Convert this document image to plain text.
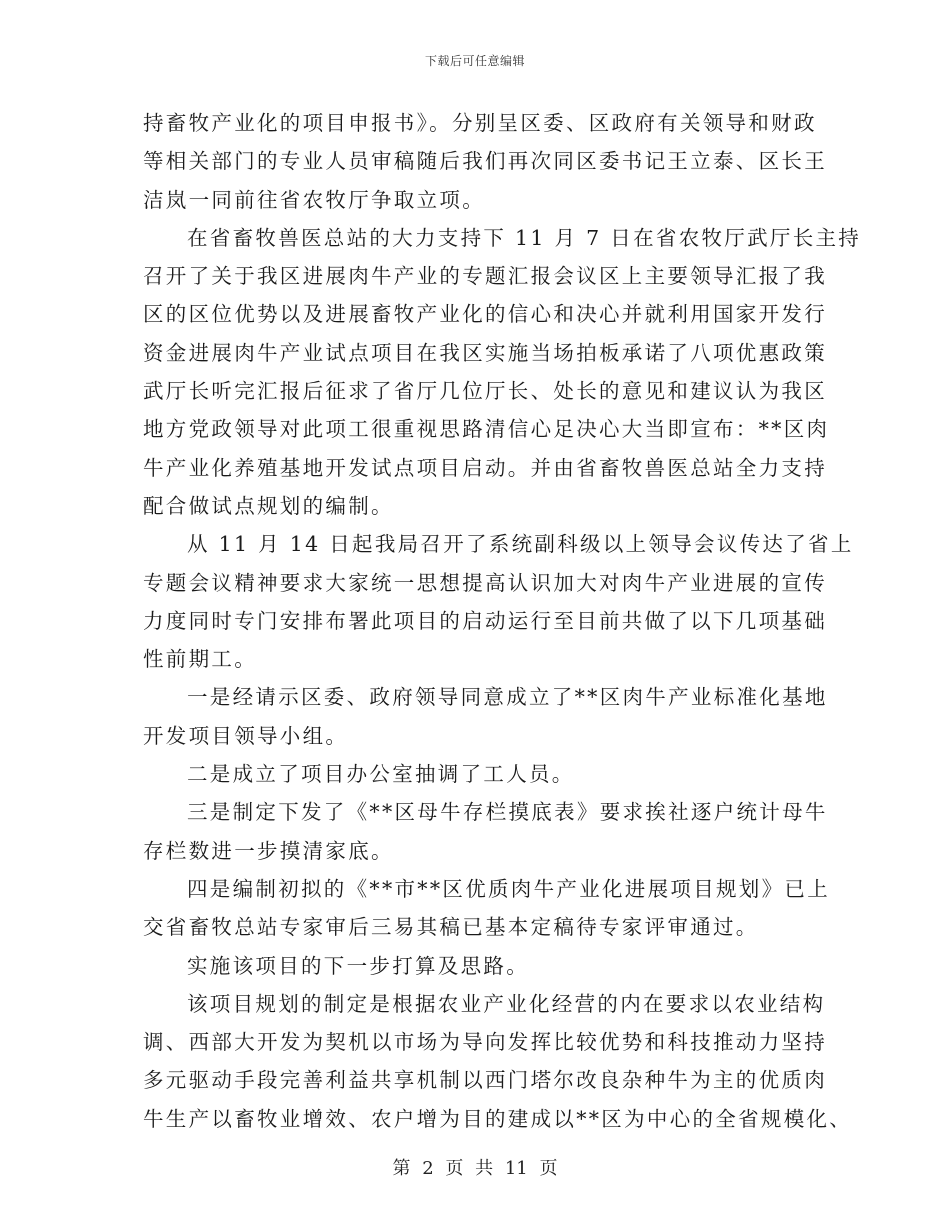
下载后可任意编辑
持畜牧产业化的项目申报书》。分别呈区委、区政府有关领导和财政
等相关部门的专业人员审稿随后我们再次同区委书记王立泰、区长王
洁岚一同前往省农牧厅争取立项。
在省畜牧兽医总站的大力支持下 11 月 7 日在省农牧厅武厅长主持
召开了关于我区进展肉牛产业的专题汇报会议区上主要领导汇报了我
区的区位优势以及进展畜牧产业化的信心和决心并就利用国家开发行
资金进展肉牛产业试点项目在我区实施当场拍板承诺了八项优惠政策
武厅长听完汇报后征求了省厅几位厅长、处长的意见和建议认为我区
地方党政领导对此项工很重视思路清信心足决心大当即宣布：**区肉
牛产业化养殖基地开发试点项目启动。并由省畜牧兽医总站全力支持
配合做试点规划的编制。
从 11 月 14 日起我局召开了系统副科级以上领导会议传达了省上
专题会议精神要求大家统一思想提高认识加大对肉牛产业进展的宣传
力度同时专门安排布署此项目的启动运行至目前共做了以下几项基础
性前期工。
一是经请示区委、政府领导同意成立了**区肉牛产业标准化基地
开发项目领导小组。
二是成立了项目办公室抽调了工人员。
三是制定下发了《**区母牛存栏摸底表》要求挨社逐户统计母牛
存栏数进一步摸清家底。
四是编制初拟的《**市**区优质肉牛产业化进展项目规划》已上
交省畜牧总站专家审后三易其稿已基本定稿待专家评审通过。
实施该项目的下一步打算及思路。
该项目规划的制定是根据农业产业化经营的内在要求以农业结构
调、西部大开发为契机以市场为导向发挥比较优势和科技推动力坚持
多元驱动手段完善利益共享机制以西门塔尔改良杂种牛为主的优质肉
牛生产以畜牧业增效、农户增为目的建成以**区为中心的全省规模化、
第 2 页 共 11 页
